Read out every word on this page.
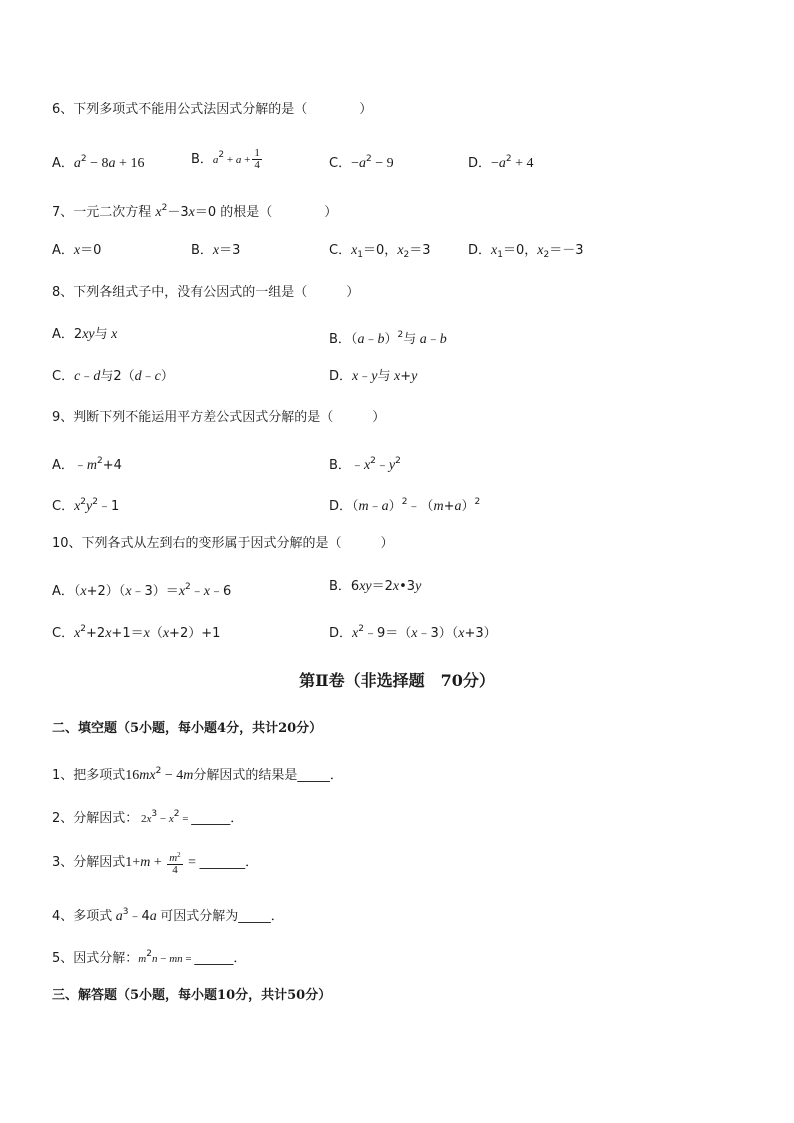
6、下列多项式不能用公式法因式分解的是（　　　　）
A．$a^2 - 8a + 16$	B．$a^2 + a + \frac{1}{4}$	C．$-a^2 - 9$	D．$-a^2 + 4$
7、一元二次方程 $x^2-3x=0$ 的根是（　　　　）
A．x＝0	B．x＝3	C．$x_1=0$，$x_2=3$	D．$x_1=0$，$x_2=-3$
8、下列各组式子中，没有公因式的一组是（　　　）
A．2xy与 x	B．（a﹣b）$^2$与 a﹣b
C．c﹣d与2（d﹣c）	D．x﹣y与 x+y
9、判断下列不能运用平方差公式因式分解的是（　　　）
A．$﹣m^2+4$	B．$﹣x^2﹣y^2$
C．$x^2y^2﹣1$	D．$(m﹣a)^2﹣(m+a)^2$
10、下列各式从左到右的变形属于因式分解的是（　　　）
A．$(x+2)(x﹣3)=x^2﹣x﹣6$	B．6xy＝2x•3y
C．$x^2+2x+1=x(x+2)+1$	D．$x^2﹣9=(x﹣3)(x+3)$
第Ⅱ卷（非选择题　70分）
二、填空题（5小题，每小题4分，共计20分）
1、把多项式$16mx^2 - 4m$分解因式的结果是_____．
2、分解因式： $2x^3 - x^2$ = ______．
3、分解因式$1+m + \frac{m^2}{4}$ = _______．
4、多项式 $a^3﹣4a$ 可因式分解为_____．
5、因式分解：$m^2n$ − mn = ______．
三、解答题（5小题，每小题10分，共计50分）
